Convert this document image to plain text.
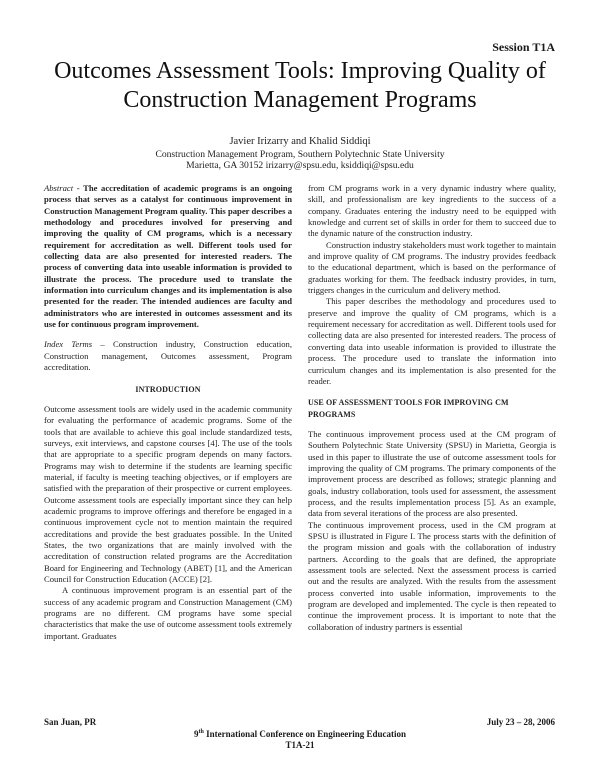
Session T1A
Outcomes Assessment Tools: Improving Quality of
Construction Management Programs
Javier Irizarry and Khalid Siddiqi
Construction Management Program, Southern Polytechnic State University
Marietta, GA 30152 irizarry@spsu.edu, ksiddiqi@spsu.edu

Abstract - The accreditation of academic programs is an ongoing process that serves as a catalyst for continuous improvement in Construction Management Program quality. This paper describes a methodology and procedures involved for preserving and improving the quality of CM programs, which is a necessary requirement for accreditation as well. Different tools used for collecting data are also presented for interested readers. The process of converting data into useable information is provided to illustrate the process. The procedure used to translate the information into curriculum changes and its implementation is also presented for the reader. The intended audiences are faculty and administrators who are interested in outcomes assessment and its use for continuous program improvement.

Index Terms – Construction industry, Construction education, Construction management, Outcomes assessment, Program accreditation.

INTRODUCTION

Outcome assessment tools are widely used in the academic community for evaluating the performance of academic programs. Some of the tools that are available to achieve this goal include standardized tests, surveys, exit interviews, and capstone courses [4]. The use of the tools that are appropriate to a specific program depends on many factors. Programs may wish to determine if the students are learning specific material, if faculty is meeting teaching objectives, or if employers are satisfied with the preparation of their prospective or current employees. Outcome assessment tools are especially important since they can help academic programs to improve offerings and therefore be engaged in a continuous improvement cycle not to mention maintain the required accreditations and provide the best graduates possible. In the United States, the two organizations that are mainly involved with the accreditation of construction related programs are the Accreditation Board for Engineering and Technology (ABET) [1], and the American Council for Construction Education (ACCE) [2].

A continuous improvement program is an essential part of the success of any academic program and Construction Management (CM) programs are no different. CM programs have some special characteristics that make the use of outcome assessment tools extremely important. Graduates

from CM programs work in a very dynamic industry where quality, skill, and professionalism are key ingredients to the success of a company. Graduates entering the industry need to be equipped with knowledge and current set of skills in order for them to succeed due to the dynamic nature of the construction industry.

Construction industry stakeholders must work together to maintain and improve quality of CM programs. The industry provides feedback to the educational department, which is based on the performance of graduates working for them. The feedback industry provides, in turn, triggers changes in the curriculum and delivery method.

This paper describes the methodology and procedures used to preserve and improve the quality of CM programs, which is a requirement necessary for accreditation as well. Different tools used for collecting data are also presented for interested readers. The process of converting data into useable information is provided to illustrate the process. The procedure used to translate the information into curriculum changes and its implementation is also presented for the reader.

USE OF ASSESSMENT TOOLS FOR IMPROVING CM PROGRAMS

The continuous improvement process used at the CM program of Southern Polytechnic State University (SPSU) in Marietta, Georgia is used in this paper to illustrate the use of outcome assessment tools for improving the quality of CM programs. The primary components of the improvement process are described as follows; strategic planning and goals, industry collaboration, tools used for assessment, the assessment process, and the results implementation process [5]. As an example, data from several iterations of the process are also presented.

The continuous improvement process, used in the CM program at SPSU is illustrated in Figure I. The process starts with the definition of the program mission and goals with the collaboration of industry partners. According to the goals that are defined, the appropriate assessment tools are selected. Next the assessment process is carried out and the results are analyzed. With the results from the assessment process converted into usable information, improvements to the program are developed and implemented. The cycle is then repeated to continue the improvement process. It is important to note that the collaboration of industry partners is essential

San Juan, PR	July 23 – 28, 2006
9th International Conference on Engineering Education
T1A-21
